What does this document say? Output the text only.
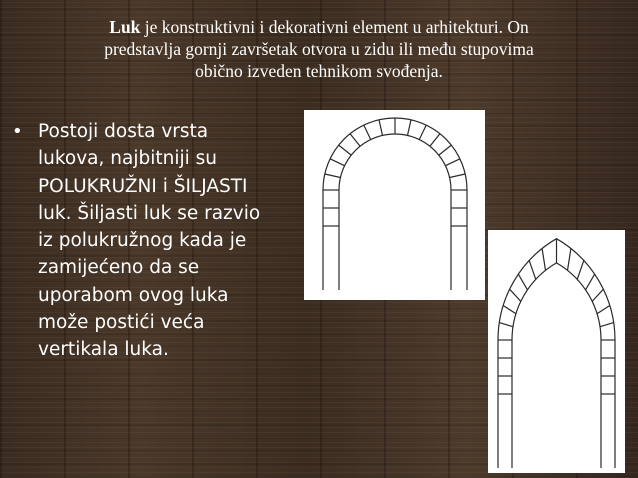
Luk je konstruktivni i dekorativni element u arhitekturi. On
predstavlja gornji završetak otvora u zidu ili među stupovima
obično izveden tehnikom svođenja.
• Postoji dosta vrsta
lukova, najbitniji su
POLUKRUŽNI i ŠILJASTI
luk. Šiljasti luk se razvio
iz polukružnog kada je
zamijećeno da se
uporabom ovog luka
može postići veća
vertikala luka.
